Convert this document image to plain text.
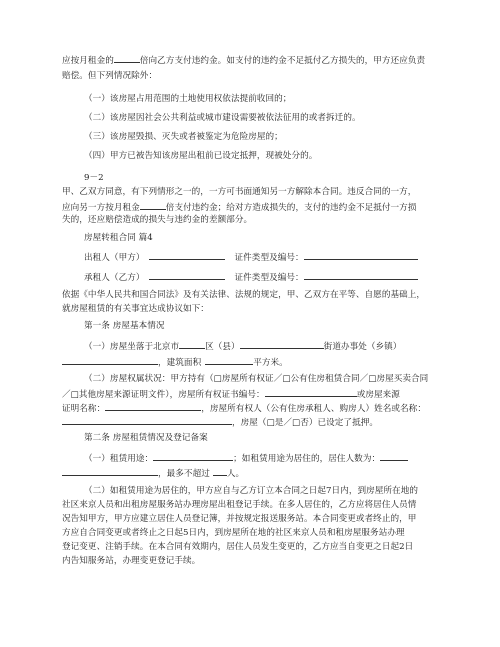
应按月租金的	倍向乙方支付违约金。如支付的违约金不足抵付乙方损失的，甲方还应负责
赔偿。但下列情况除外：
（一）该房屋占用范围的土地使用权依法提前收回的；
（二）该房屋因社会公共利益或城市建设需要被依法征用的或者拆迁的。
（三）该房屋毁损、灭失或者被鉴定为危险房屋的；
（四）甲方已被告知该房屋出租前已设定抵押，现被处分的。
9－2
甲、乙双方同意，有下列情形之一的，一方可书面通知另一方解除本合同。违反合同的一方，
应向另一方按月租金	倍支付违约金；给对方造成损失的，支付的违约金不足抵付一方损
失的，还应赔偿造成的损失与违约金的差额部分。
房屋转租合同 篇4
出租人（甲方）	证件类型及编号：
承租人（乙方）	证件类型及编号：
依据《中华人民共和国合同法》及有关法律、法规的规定，甲、乙双方在平等、自愿的基础上，
就房屋租赁的有关事宜达成协议如下：
第一条 房屋基本情况
（一）房屋坐落于北京市	区（县）	街道办事处（乡镇）
，建筑面积	平方米。
（二）房屋权属状况：甲方持有（□房屋所有权证／□公有住房租赁合同／□房屋买卖合同
／□其他房屋来源证明文件），房屋所有权证书编号：	或房屋来源
证明名称：	，房屋所有权人（公有住房承租人、购房人）姓名或名称：
，房屋（□是／□否）已设定了抵押。
第二条 房屋租赁情况及登记备案
（一）租赁用途：	；如租赁用途为居住的，居住人数为：
，最多不超过 人。
（二）如租赁用途为居住的，甲方应自与乙方订立本合同之日起7日内，到房屋所在地的
社区来京人员和出租房屋服务站办理房屋出租登记手续。在多人居住的，乙方应将居住人员情
况告知甲方，甲方应建立居住人员登记簿，并按规定报送服务站。本合同变更或者终止的，甲
方应自合同变更或者终止之日起5日内，到房屋所在地的社区来京人员和租房屋服务站办理
登记变更、注销手续。在本合同有效期内，居住人员发生变更的，乙方应当自变更之日起2日
内告知服务站，办理变更登记手续。
